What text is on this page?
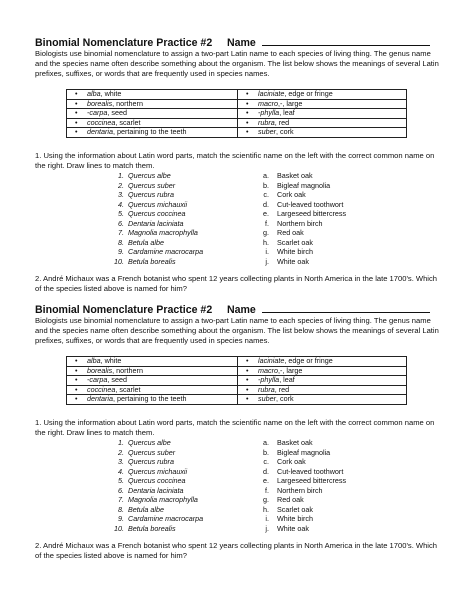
Binomial Nomenclature Practice #2 Name
Biologists use binomial nomenclature to assign a two-part Latin name to each species of living thing. The genus name and the species name often describe something about the organism. The list below shows the meanings of several Latin prefixes, suffixes, or words that are frequently used in species names.
• alba, white	• laciniate, edge or fringe
• borealis, northern	• macro,-, large
• -carpa, seed	• -phylla, leaf
• coccinea, scarlet	• rubra, red
• dentaria, pertaining to the teeth	• suber, cork
1. Using the information about Latin word parts, match the scientific name on the left with the correct common name on the right. Draw lines to match them.
1. Quercus albe	a. Basket oak
2. Quercus suber	b. Bigleaf magnolia
3. Quercus rubra	c. Cork oak
4. Quercus michauxii	d. Cut-leaved toothwort
5. Quercus coccinea	e. Largeseed bittercress
6. Dentaria laciniata	f. Northern birch
7. Magnolia macrophylla	g. Red oak
8. Betula albe	h. Scarlet oak
9. Cardamine macrocarpa	i. White birch
10. Betula borealis	j. White oak
2. André Michaux was a French botanist who spent 12 years collecting plants in North America in the late 1700's. Which of the species listed above is named for him?
Binomial Nomenclature Practice #2 Name
Biologists use binomial nomenclature to assign a two-part Latin name to each species of living thing. The genus name and the species name often describe something about the organism. The list below shows the meanings of several Latin prefixes, suffixes, or words that are frequently used in species names.
• alba, white	• laciniate, edge or fringe
• borealis, northern	• macro,-, large
• -carpa, seed	• -phylla, leaf
• coccinea, scarlet	• rubra, red
• dentaria, pertaining to the teeth	• suber, cork
1. Using the information about Latin word parts, match the scientific name on the left with the correct common name on the right. Draw lines to match them.
1. Quercus albe	a. Basket oak
2. Quercus suber	b. Bigleaf magnolia
3. Quercus rubra	c. Cork oak
4. Quercus michauxii	d. Cut-leaved toothwort
5. Quercus coccinea	e. Largeseed bittercress
6. Dentaria laciniata	f. Northern birch
7. Magnolia macrophylla	g. Red oak
8. Betula albe	h. Scarlet oak
9. Cardamine macrocarpa	i. White birch
10. Betula borealis	j. White oak
2. André Michaux was a French botanist who spent 12 years collecting plants in North America in the late 1700's. Which of the species listed above is named for him?
